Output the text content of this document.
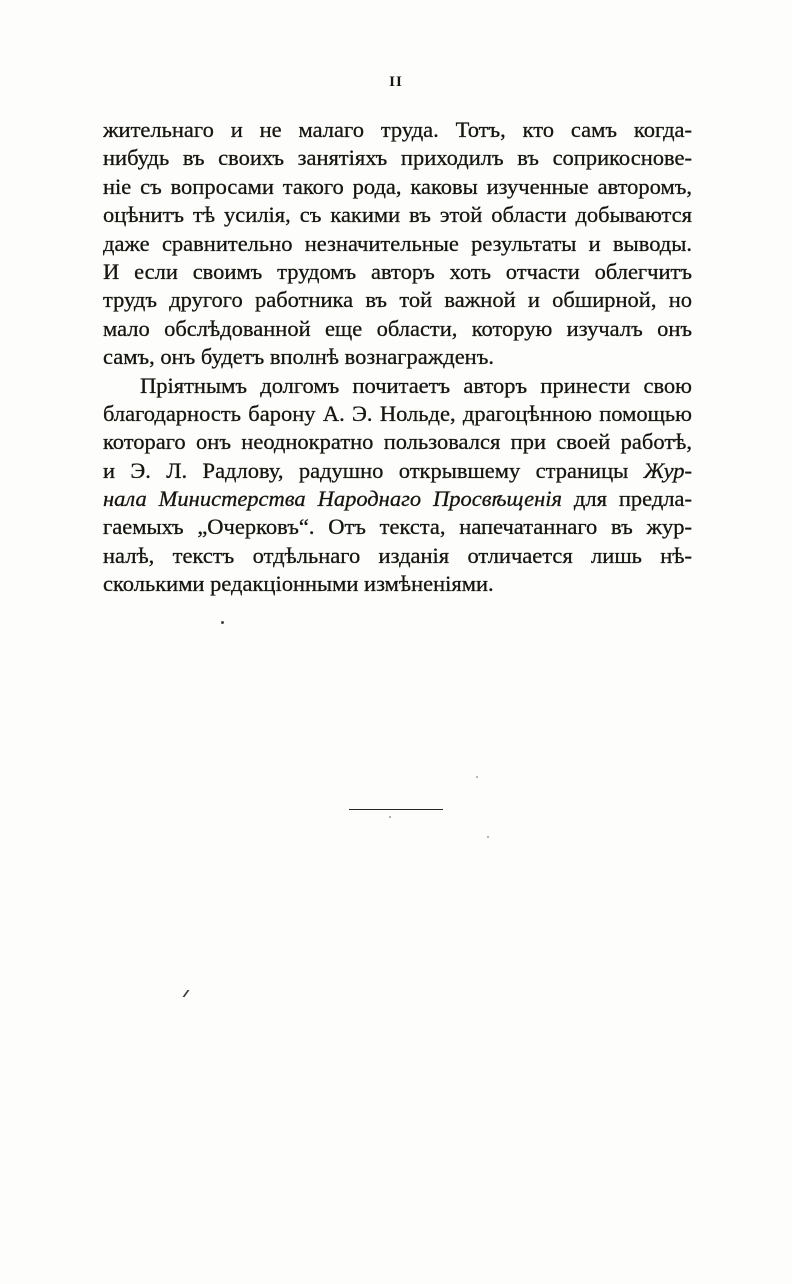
II
жительнаго и не малаго труда. Тотъ, кто самъ когда-
нибудь въ своихъ занятіяхъ приходилъ въ соприкоснове-
ніе съ вопросами такого рода, каковы изученные авторомъ,
оцѣнитъ тѣ усилія, съ какими въ этой области добываются
даже сравнительно незначительные результаты и выводы.
И если своимъ трудомъ авторъ хоть отчасти облегчитъ
трудъ другого работника въ той важной и обширной, но
мало обслѣдованной еще области, которую изучалъ онъ
самъ, онъ будетъ вполнѣ вознагражденъ.
Пріятнымъ долгомъ почитаетъ авторъ принести свою
благодарность барону А. Э. Нольде, драгоцѣнною помощью
котораго онъ неоднократно пользовался при своей работѣ,
и Э. Л. Радлову, радушно открывшему страницы Жур-
нала Министерства Народнаго Просвѣщенія для предла-
гаемыхъ „Очерковъ“. Отъ текста, напечатаннаго въ жур-
налѣ, текстъ отдѣльнаго изданія отличается лишь нѣ-
сколькими редакціонными измѣненіями.
